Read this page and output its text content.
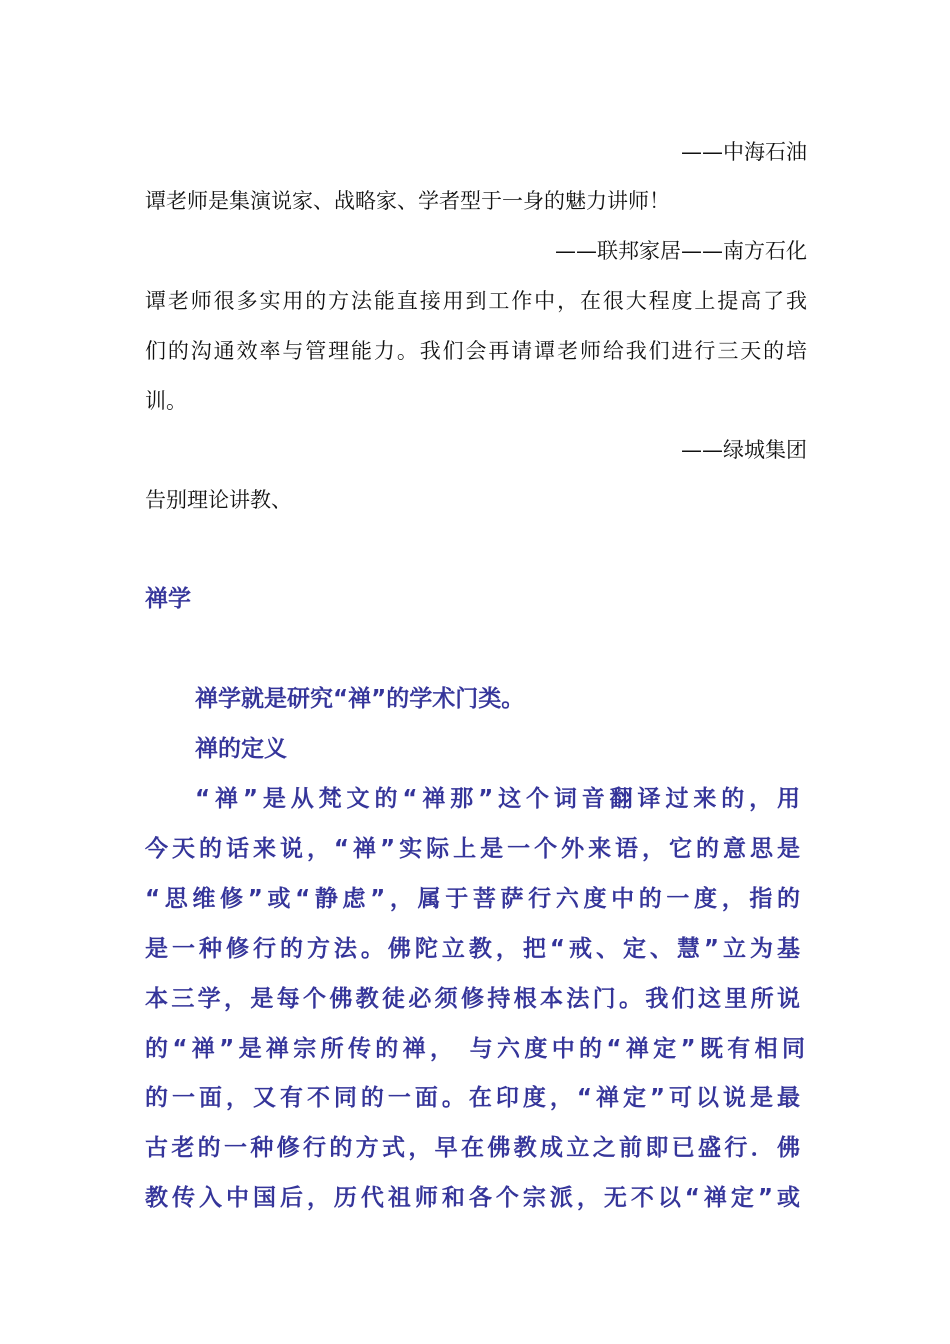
——中海石油

谭老师是集演说家、战略家、学者型于一身的魅力讲师！

——联邦家居——南方石化

谭老师很多实用的方法能直接用到工作中，在很大程度上提高了我

们的沟通效率与管理能力。我们会再请谭老师给我们进行三天的培

训。

——绿城集团

告别理论讲教、

禅学

禅学就是研究“禅”的学术门类。

禅的定义

“禅”是从梵文的“禅那”这个词音翻译过来的，用

今天的话来说，“禅”实际上是一个外来语，它的意思是

“思维修”或“静虑”，属于菩萨行六度中的一度，指的

是一种修行的方法。佛陀立教，把“戒、定、慧”立为基

本三学，是每个佛教徒必须修持根本法门。我们这里所说

的“禅”是禅宗所传的禅， 与六度中的“禅定”既有相同

的一面，又有不同的一面。在印度，“禅定”可以说是最

古老的一种修行的方式，早在佛教成立之前即已盛行．佛

教传入中国后，历代祖师和各个宗派，无不以“禅定”或
